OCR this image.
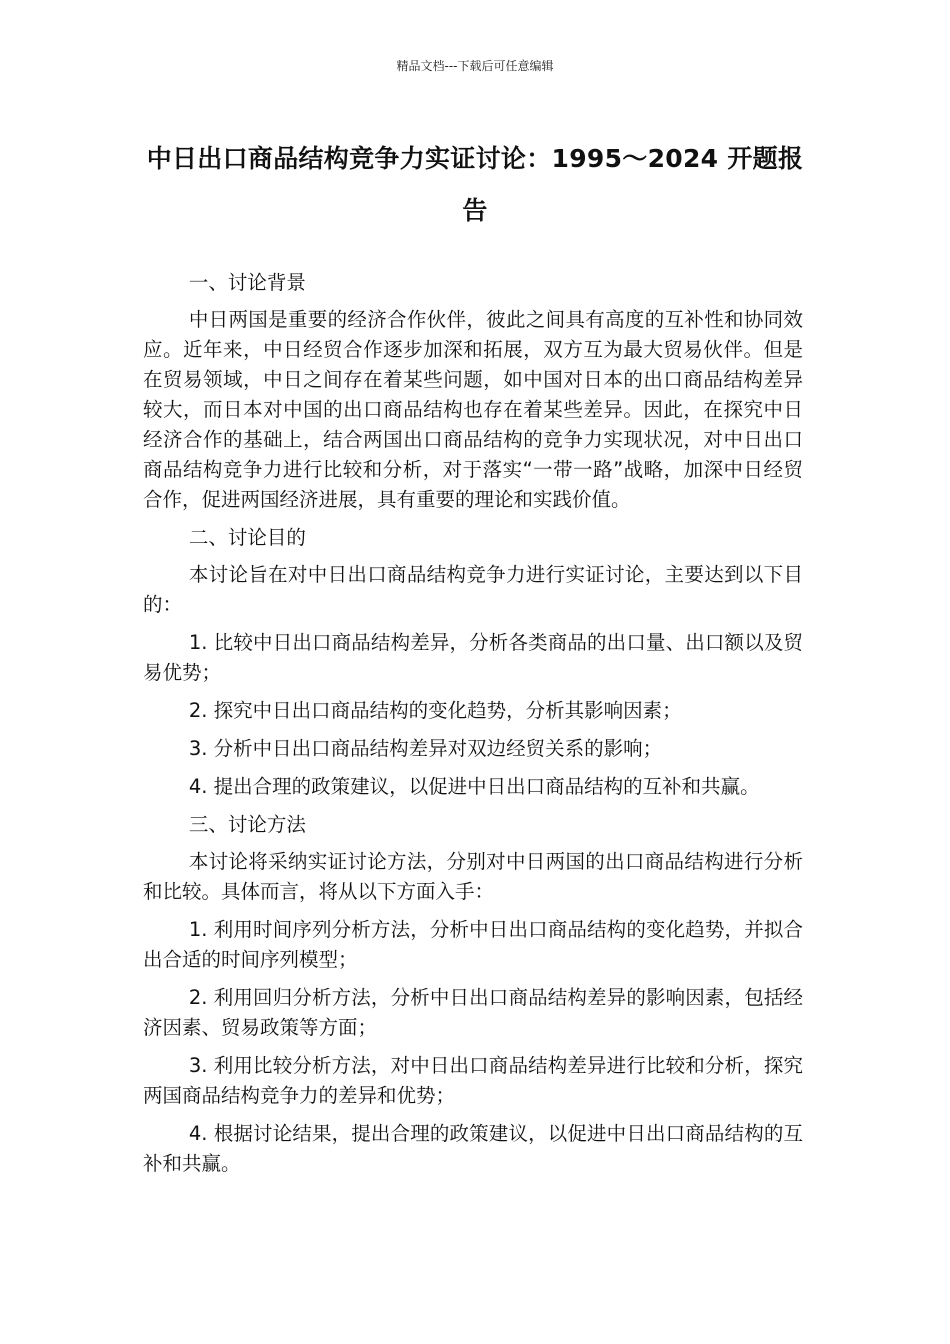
精品文档---下载后可任意编辑
中日出口商品结构竞争力实证讨论：1995～2024 开题报告

一、讨论背景

中日两国是重要的经济合作伙伴，彼此之间具有高度的互补性和协同效应。近年来，中日经贸合作逐步加深和拓展，双方互为最大贸易伙伴。但是在贸易领域，中日之间存在着某些问题，如中国对日本的出口商品结构差异较大，而日本对中国的出口商品结构也存在着某些差异。因此，在探究中日经济合作的基础上，结合两国出口商品结构的竞争力实现状况，对中日出口商品结构竞争力进行比较和分析，对于落实“一带一路”战略，加深中日经贸合作，促进两国经济进展，具有重要的理论和实践价值。

二、讨论目的

本讨论旨在对中日出口商品结构竞争力进行实证讨论，主要达到以下目的：

1. 比较中日出口商品结构差异，分析各类商品的出口量、出口额以及贸易优势；

2. 探究中日出口商品结构的变化趋势，分析其影响因素；

3. 分析中日出口商品结构差异对双边经贸关系的影响；

4. 提出合理的政策建议，以促进中日出口商品结构的互补和共赢。

三、讨论方法

本讨论将采纳实证讨论方法，分别对中日两国的出口商品结构进行分析和比较。具体而言，将从以下方面入手：

1. 利用时间序列分析方法，分析中日出口商品结构的变化趋势，并拟合出合适的时间序列模型；

2. 利用回归分析方法，分析中日出口商品结构差异的影响因素，包括经济因素、贸易政策等方面；

3. 利用比较分析方法，对中日出口商品结构差异进行比较和分析，探究两国商品结构竞争力的差异和优势；

4. 根据讨论结果，提出合理的政策建议，以促进中日出口商品结构的互补和共赢。
